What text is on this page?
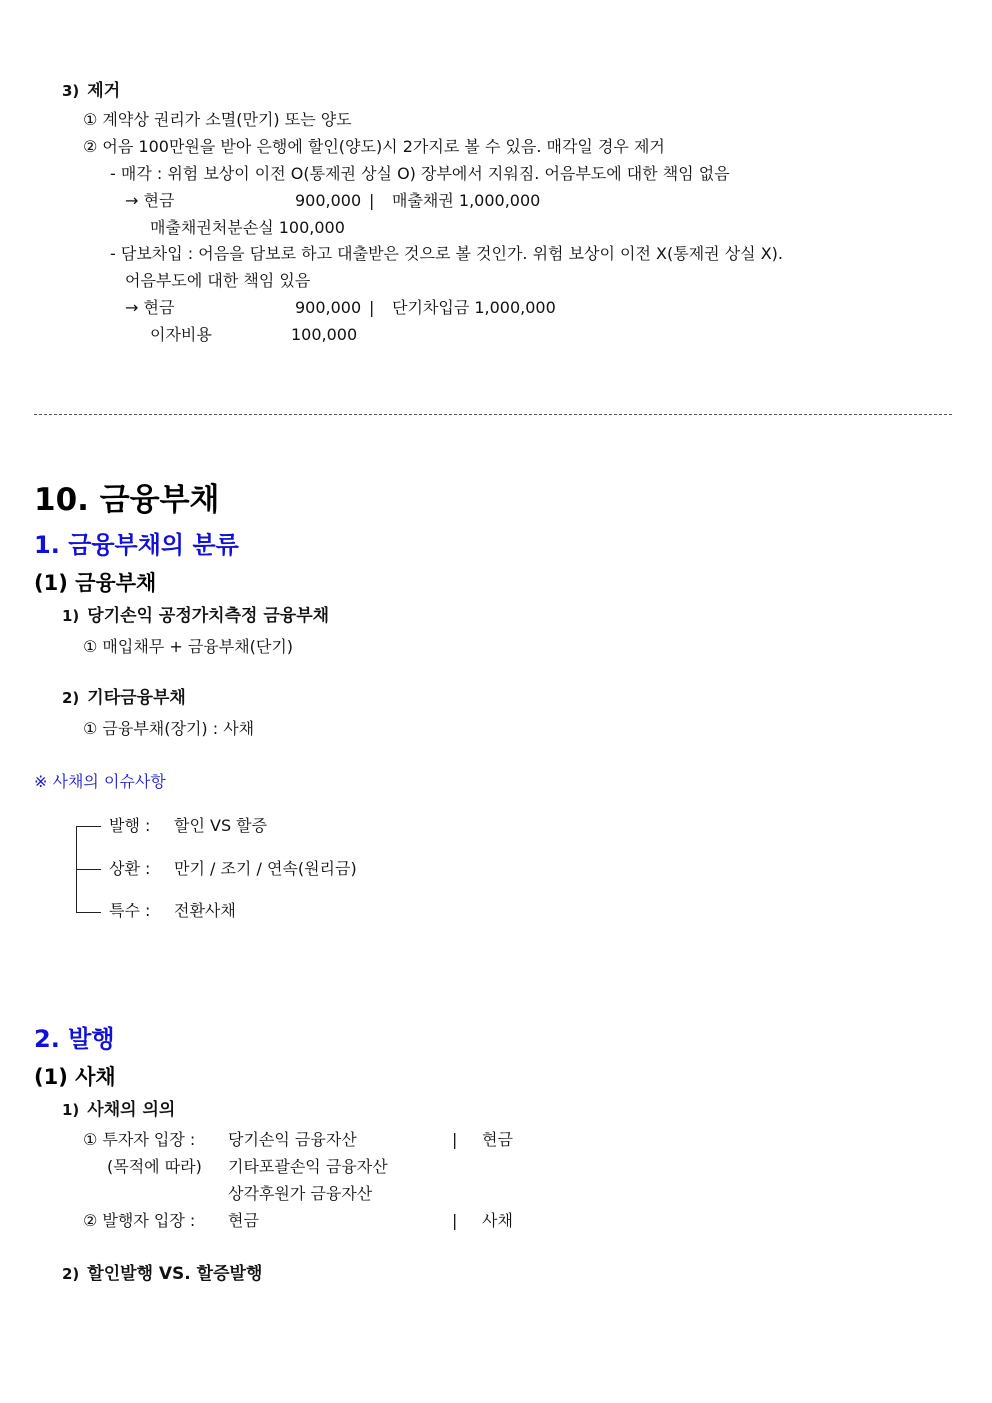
3) 제거
① 계약상 권리가 소멸(만기) 또는 양도
② 어음 100만원을 받아 은행에 할인(양도)시 2가지로 볼 수 있음. 매각일 경우 제거
- 매각 : 위험 보상이 이전 O(통제권 상실 O) 장부에서 지워짐. 어음부도에 대한 책임 없음
→ 현금	900,000 | 매출채권 1,000,000
매출채권처분손실 100,000
- 담보차입 : 어음을 담보로 하고 대출받은 것으로 볼 것인가. 위험 보상이 이전 X(통제권 상실 X).
어음부도에 대한 책임 있음
→ 현금	900,000 | 단기차입금 1,000,000
이자비용	100,000
10. 금융부채
1. 금융부채의 분류
(1) 금융부채
1) 당기손익 공정가치측정 금융부채
① 매입채무 + 금융부채(단기)
2) 기타금융부채
① 금융부채(장기) : 사채
※ 사채의 이슈사항
발행 : 할인 VS 할증
상환 : 만기 / 조기 / 연속(원리금)
특수 : 전환사채
2. 발행
(1) 사채
1) 사채의 의의
① 투자자 입장 : 당기손익 금융자산	| 현금
(목적에 따라) 기타포괄손익 금융자산
상각후원가 금융자산
② 발행자 입장 : 현금	| 사채
2) 할인발행 VS. 할증발행
